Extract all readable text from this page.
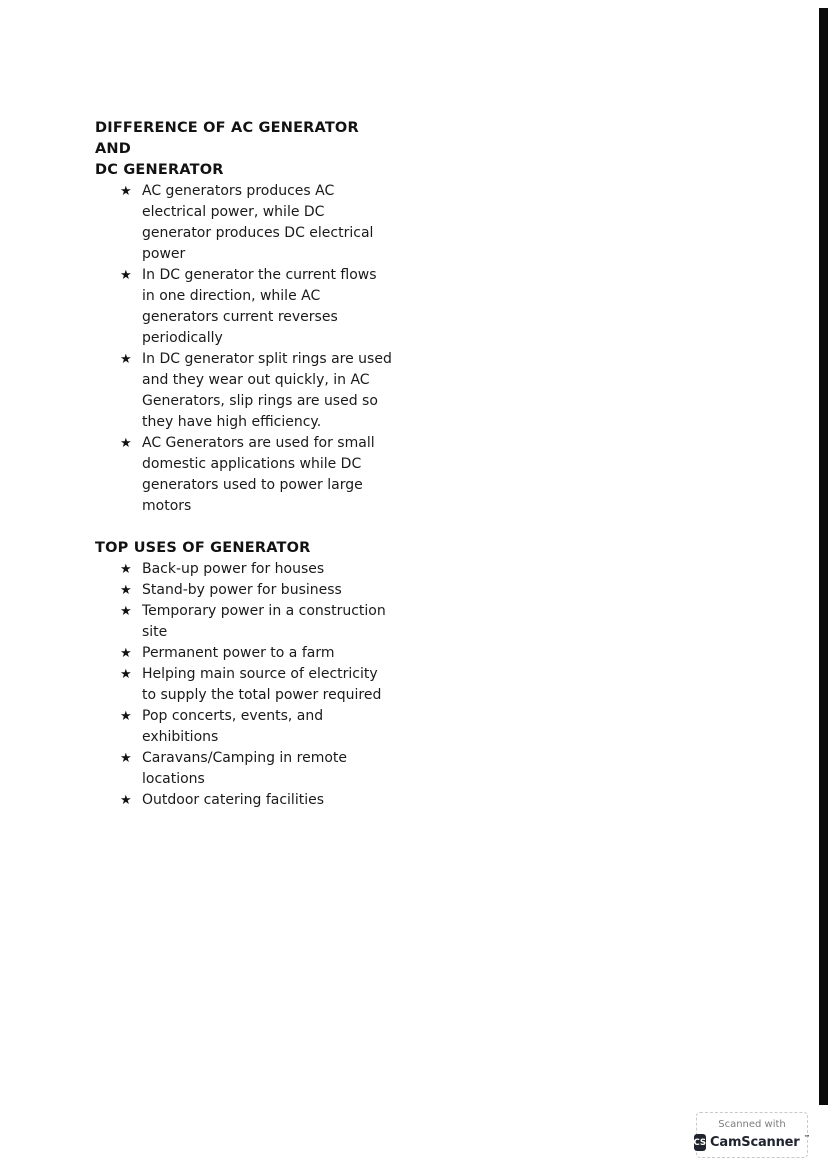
DIFFERENCE OF AC GENERATOR AND
DC GENERATOR
★ AC generators produces AC electrical power, while DC generator produces DC electrical power
★ In DC generator the current flows in one direction, while AC generators current reverses periodically
★ In DC generator split rings are used and they wear out quickly, in AC Generators, slip rings are used so they have high efficiency.
★ AC Generators are used for small domestic applications while DC generators used to power large motors
TOP USES OF GENERATOR
★ Back-up power for houses
★ Stand-by power for business
★ Temporary power in a construction site
★ Permanent power to a farm
★ Helping main source of electricity to supply the total power required
★ Pop concerts, events, and exhibitions
★ Caravans/Camping in remote locations
★ Outdoor catering facilities
Scanned with
CS CamScanner ™
